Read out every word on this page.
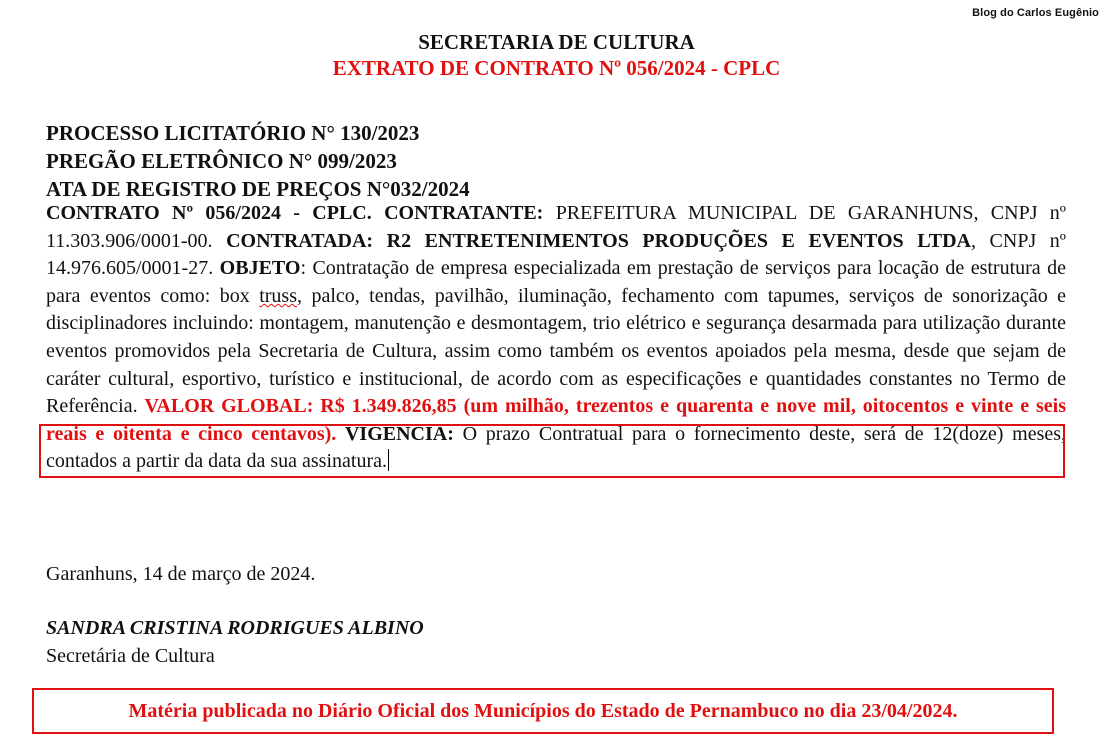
Blog do Carlos Eugênio
SECRETARIA DE CULTURA
EXTRATO DE CONTRATO Nº 056/2024 - CPLC
PROCESSO LICITATÓRIO N° 130/2023
PREGÃO ELETRÔNICO N° 099/2023
ATA DE REGISTRO DE PREÇOS N°032/2024
CONTRATO Nº 056/2024 - CPLC. CONTRATANTE: PREFEITURA MUNICIPAL DE GARANHUNS, CNPJ nº 11.303.906/0001-00. CONTRATADA: R2 ENTRETENIMENTOS PRODUÇÕES E EVENTOS LTDA, CNPJ nº 14.976.605/0001-27. OBJETO: Contratação de empresa especializada em prestação de serviços para locação de estrutura de para eventos como: box truss, palco, tendas, pavilhão, iluminação, fechamento com tapumes, serviços de sonorização e disciplinadores incluindo: montagem, manutenção e desmontagem, trio elétrico e segurança desarmada para utilização durante eventos promovidos pela Secretaria de Cultura, assim como também os eventos apoiados pela mesma, desde que sejam de caráter cultural, esportivo, turístico e institucional, de acordo com as especificações e quantidades constantes no Termo de Referência. VALOR GLOBAL: R$ 1.349.826,85 (um milhão, trezentos e quarenta e nove mil, oitocentos e vinte e seis reais e oitenta e cinco centavos). VIGENCIA: O prazo Contratual para o fornecimento deste, será de 12(doze) meses, contados a partir da data da sua assinatura.
Garanhuns, 14 de março de 2024.
SANDRA CRISTINA RODRIGUES ALBINO
Secretária de Cultura
Matéria publicada no Diário Oficial dos Municípios do Estado de Pernambuco no dia 23/04/2024.
